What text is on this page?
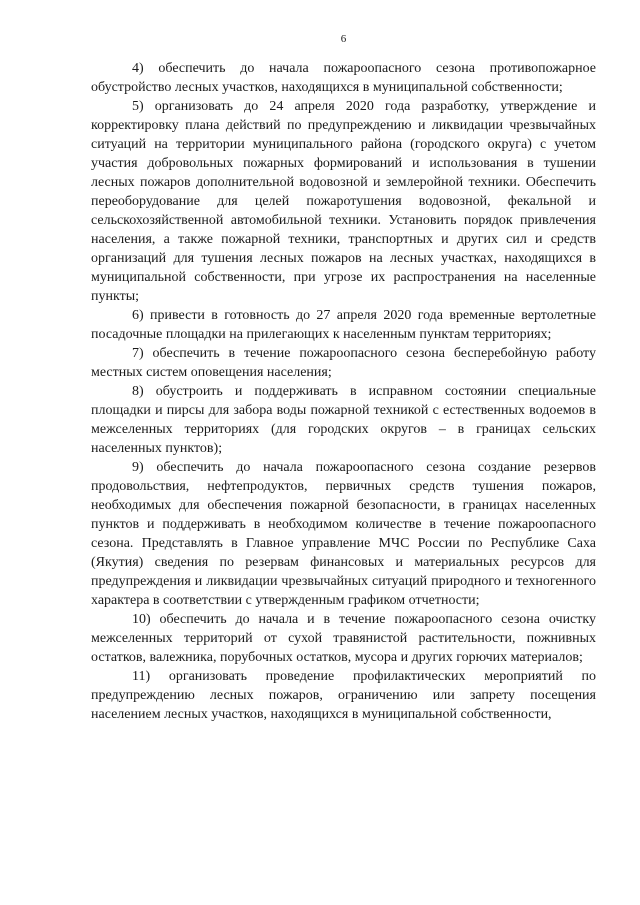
6

4) обеспечить до начала пожароопасного сезона противопожарное обустройство лесных участков, находящихся в муниципальной собственности;

5) организовать до 24 апреля 2020 года разработку, утверждение и корректировку плана действий по предупреждению и ликвидации чрезвычайных ситуаций на территории муниципального района (городского округа) с учетом участия добровольных пожарных формирований и использования в тушении лесных пожаров дополнительной водовозной и землеройной техники. Обеспечить переоборудование для целей пожаротушения водовозной, фекальной и сельскохозяйственной автомобильной техники. Установить порядок привлечения населения, а также пожарной техники, транспортных и других сил и средств организаций для тушения лесных пожаров на лесных участках, находящихся в муниципальной собственности, при угрозе их распространения на населенные пункты;

6) привести в готовность до 27 апреля 2020 года временные вертолетные посадочные площадки на прилегающих к населенным пунктам территориях;

7) обеспечить в течение пожароопасного сезона бесперебойную работу местных систем оповещения населения;

8) обустроить и поддерживать в исправном состоянии специальные площадки и пирсы для забора воды пожарной техникой с естественных водоемов в межселенных территориях (для городских округов – в границах сельских населенных пунктов);

9) обеспечить до начала пожароопасного сезона создание резервов продовольствия, нефтепродуктов, первичных средств тушения пожаров, необходимых для обеспечения пожарной безопасности, в границах населенных пунктов и поддерживать в необходимом количестве в течение пожароопасного сезона. Представлять в Главное управление МЧС России по Республике Саха (Якутия) сведения по резервам финансовых и материальных ресурсов для предупреждения и ликвидации чрезвычайных ситуаций природного и техногенного характера в соответствии с утвержденным графиком отчетности;

10) обеспечить до начала и в течение пожароопасного сезона очистку межселенных территорий от сухой травянистой растительности, пожнивных остатков, валежника, порубочных остатков, мусора и других горючих материалов;

11) организовать проведение профилактических мероприятий по предупреждению лесных пожаров, ограничению или запрету посещения населением лесных участков, находящихся в муниципальной собственности,
